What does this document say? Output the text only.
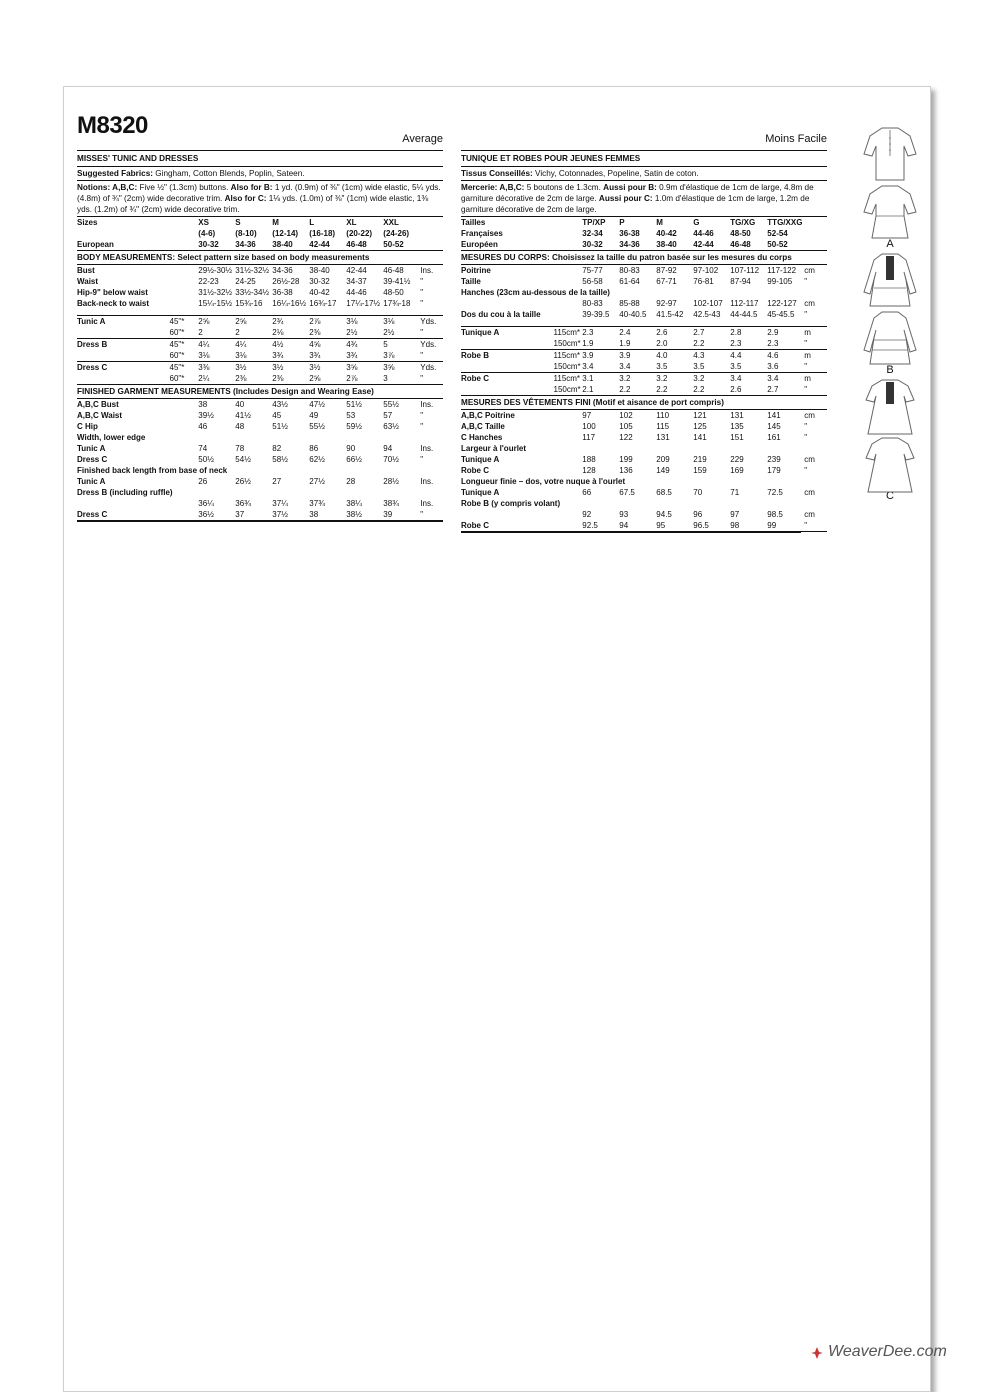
M8320	Average
MISSES' TUNIC AND DRESSES
Suggested Fabrics: Gingham, Cotton Blends, Poplin, Sateen.
Notions: A,B,C: Five ½" (1.3cm) buttons. Also for B: 1 yd. (0.9m) of ⅜" (1cm) wide elastic, 5¼ yds. (4.8m) of ¾" (2cm) wide decorative trim. Also for C: 1⅛ yds. (1.0m) of ⅜" (1cm) wide elastic, 1⅜ yds. (1.2m) of ¾" (2cm) wide decorative trim.
Sizes		XS	S	M	L	XL	XXL	
		(4-6)	(8-10)	(12-14)	(16-18)	(20-22)	(24-26)	
European		30-32	34-36	38-40	42-44	46-48	50-52	
BODY MEASUREMENTS: Select pattern size based on body measurements
Bust		29½-30½	31½-32½	34-36	38-40	42-44	46-48	Ins.
Waist		22-23	24-25	26½-28	30-32	34-37	39-41½	"
Hip-9" below waist		31½-32½	33½-34½	36-38	40-42	44-46	48-50	"
Back-neck to waist		15¼-15½	15¾-16	16¼-16½	16¾-17	17¼-17½	17¾-18	"

Tunic A	45"*	2⅝	2⅝	2¾	2⅞	3⅛	3⅛	Yds.
	60"*	2	2	2⅛	2⅜	2½	2½	"
Dress B	45"*	4¼	4¼	4½	4⅝	4¾	5	Yds.
	60"*	3⅛	3⅛	3¾	3¾	3¾	3⅞	"
Dress C	45"*	3⅜	3½	3½	3½	3⅝	3⅝	Yds.
	60"*	2¼	2⅜	2⅜	2⅝	2⅞	3	"
FINISHED GARMENT MEASUREMENTS (Includes Design and Wearing Ease)
A,B,C Bust		38	40	43½	47½	51½	55½	Ins.
A,B,C Waist		39½	41½	45	49	53	57	"
C Hip		46	48	51½	55½	59½	63½	"
Width, lower edge								
Tunic A		74	78	82	86	90	94	Ins.
Dress C		50½	54½	58½	62½	66½	70½	"
Finished back length from base of neck								
Tunic A		26	26½	27	27½	28	28½	Ins.
Dress B (including ruffle)								
		36¼	36¾	37¼	37¾	38¼	38¾	Ins.
Dress C		36½	37	37½	38	38½	39	"
Moins Facile
TUNIQUE ET ROBES POUR JEUNES FEMMES
Tissus Conseillés: Vichy, Cotonnades, Popeline, Satin de coton.
Mercerie: A,B,C: 5 boutons de 1.3cm. Aussi pour B: 0.9m d'élastique de 1cm de large, 4.8m de garniture décorative de 2cm de large. Aussi pour C: 1.0m d'élastique de 1cm de large, 1.2m de garniture décorative de 2cm de large.
Tailles		TP/XP	P	M	G	TG/XG	TTG/XXG	
Françaises		32-34	36-38	40-42	44-46	48-50	52-54	
Européen		30-32	34-36	38-40	42-44	46-48	50-52	
MESURES DU CORPS: Choisissez la taille du patron basée sur les mesures du corps
Poitrine		75-77	80-83	87-92	97-102	107-112	117-122	cm
Taille		56-58	61-64	67-71	76-81	87-94	99-105	"
Hanches (23cm au-dessous de la taille)								
		80-83	85-88	92-97	102-107	112-117	122-127	cm
Dos du cou à la taille		39-39.5	40-40.5	41.5-42	42.5-43	44-44.5	45-45.5	"

Tunique A	115cm*	2.3	2.4	2.6	2.7	2.8	2.9	m
	150cm*	1.9	1.9	2.0	2.2	2.3	2.3	"
Robe B	115cm*	3.9	3.9	4.0	4.3	4.4	4.6	m
	150cm*	3.4	3.4	3.5	3.5	3.5	3.6	"
Robe C	115cm*	3.1	3.2	3.2	3.2	3.4	3.4	m
	150cm*	2.1	2.2	2.2	2.2	2.6	2.7	"
MESURES DES VÊTEMENTS FINI (Motif et aisance de port compris)
A,B,C Poitrine		97	102	110	121	131	141	cm
A,B,C Taille		100	105	115	125	135	145	"
C Hanches		117	122	131	141	151	161	"
Largeur à l'ourlet								
Tunique A		188	199	209	219	229	239	cm
Robe C		128	136	149	159	169	179	"
Longueur finie – dos, votre nuque à l'ourlet								
Tunique A		66	67.5	68.5	70	71	72.5	cm
Robe B (y compris volant)								
		92	93	94.5	96	97	98.5	cm
Robe C		92.5	94	95	96.5	98	99	"
A
B
C
WeaverDee.com
